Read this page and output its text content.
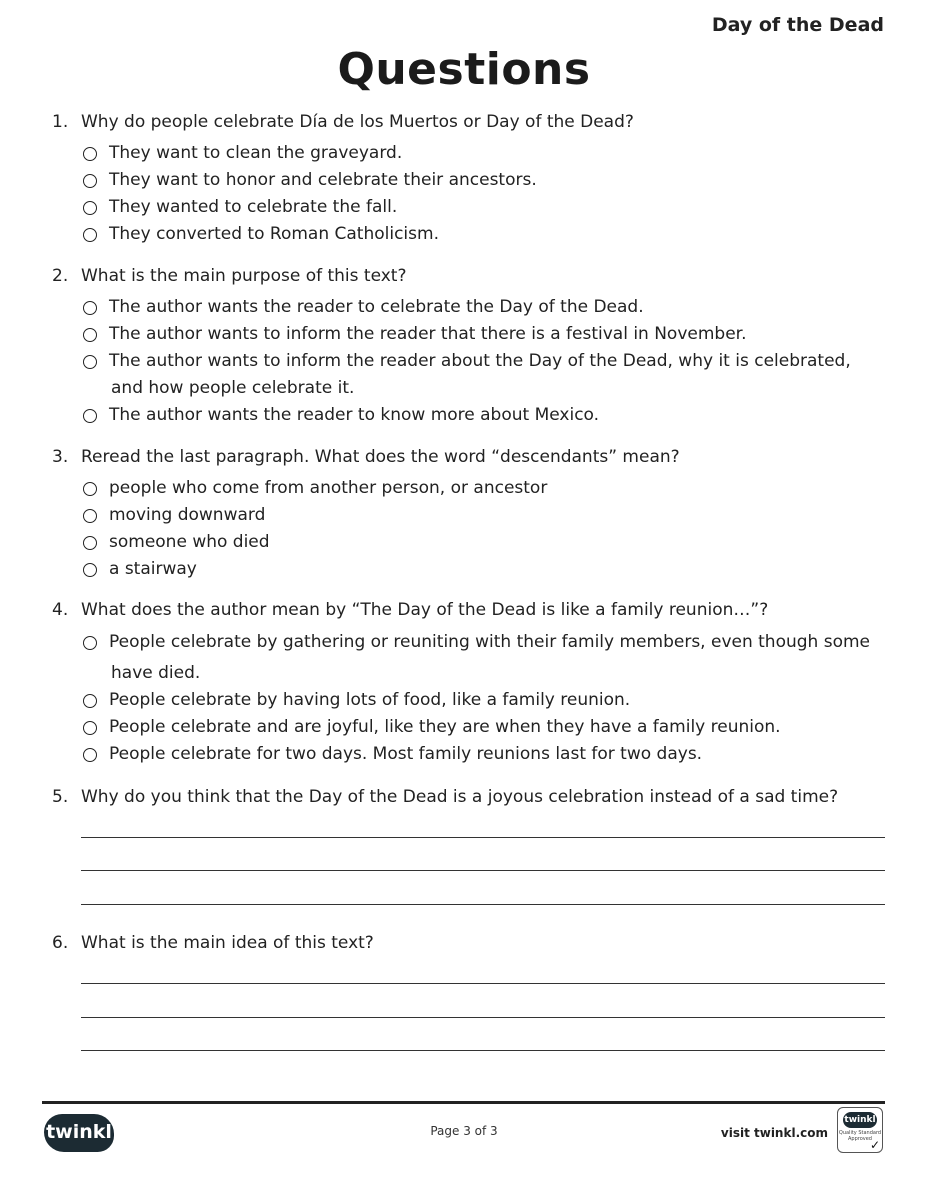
Day of the Dead
Questions
1. Why do people celebrate Día de los Muertos or Day of the Dead?
They want to clean the graveyard.
They want to honor and celebrate their ancestors.
They wanted to celebrate the fall.
They converted to Roman Catholicism.
2. What is the main purpose of this text?
The author wants the reader to celebrate the Day of the Dead.
The author wants to inform the reader that there is a festival in November.
The author wants to inform the reader about the Day of the Dead, why it is celebrated,
and how people celebrate it.
The author wants the reader to know more about Mexico.
3. Reread the last paragraph. What does the word “descendants” mean?
people who come from another person, or ancestor
moving downward
someone who died
a stairway
4. What does the author mean by “The Day of the Dead is like a family reunion…”?
People celebrate by gathering or reuniting with their family members, even though some
have died.
People celebrate by having lots of food, like a family reunion.
People celebrate and are joyful, like they are when they have a family reunion.
People celebrate for two days. Most family reunions last for two days.
5. Why do you think that the Day of the Dead is a joyous celebration instead of a sad time?
6. What is the main idea of this text?
twinkl	Page 3 of 3	visit twinkl.com
twinkl
Quality Standard Approved
✓
